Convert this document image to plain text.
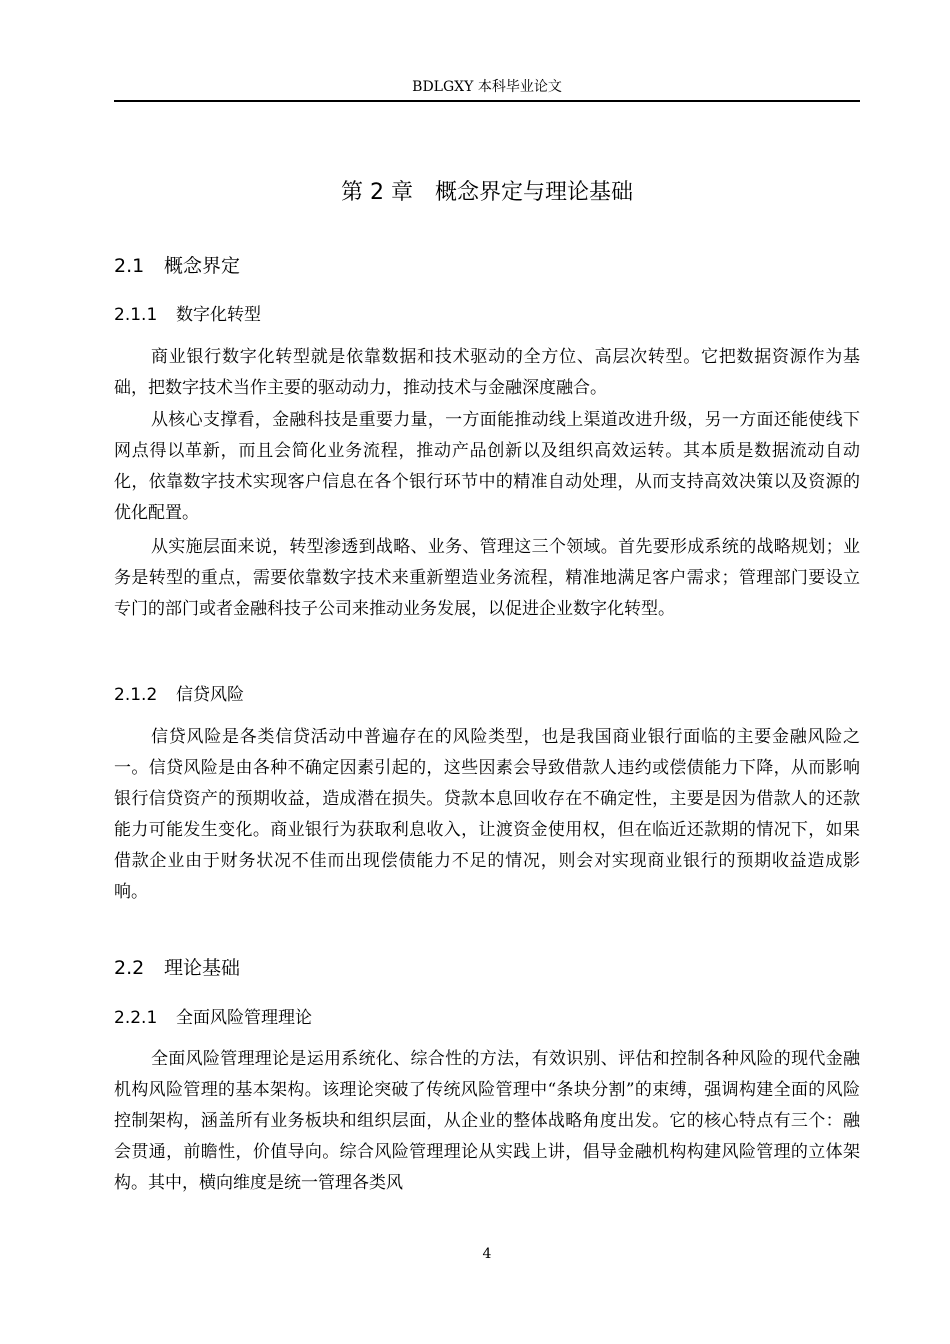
BDLGXY 本科毕业论文
第 2 章　概念界定与理论基础
2.1 概念界定
2.1.1 数字化转型

商业银行数字化转型就是依靠数据和技术驱动的全方位、高层次转型。它把数据资源作为基础，把数字技术当作主要的驱动动力，推动技术与金融深度融合。

从核心支撑看，金融科技是重要力量，一方面能推动线上渠道改进升级，另一方面还能使线下网点得以革新，而且会简化业务流程，推动产品创新以及组织高效运转。其本质是数据流动自动化，依靠数字技术实现客户信息在各个银行环节中的精准自动处理，从而支持高效决策以及资源的优化配置。

从实施层面来说，转型渗透到战略、业务、管理这三个领域。首先要形成系统的战略规划；业务是转型的重点，需要依靠数字技术来重新塑造业务流程，精准地满足客户需求；管理部门要设立专门的部门或者金融科技子公司来推动业务发展，以促进企业数字化转型。

2.1.2 信贷风险

信贷风险是各类信贷活动中普遍存在的风险类型，也是我国商业银行面临的主要金融风险之一。信贷风险是由各种不确定因素引起的，这些因素会导致借款人违约或偿债能力下降，从而影响银行信贷资产的预期收益，造成潜在损失。贷款本息回收存在不确定性，主要是因为借款人的还款能力可能发生变化。商业银行为获取利息收入，让渡资金使用权，但在临近还款期的情况下，如果借款企业由于财务状况不佳而出现偿债能力不足的情况，则会对实现商业银行的预期收益造成影响。

2.2 理论基础
2.2.1 全面风险管理理论

全面风险管理理论是运用系统化、综合性的方法，有效识别、评估和控制各种风险的现代金融机构风险管理的基本架构。该理论突破了传统风险管理中“条块分割”的束缚，强调构建全面的风险控制架构，涵盖所有业务板块和组织层面，从企业的整体战略角度出发。它的核心特点有三个：融会贯通，前瞻性，价值导向。综合风险管理理论从实践上讲，倡导金融机构构建风险管理的立体架构。其中，横向维度是统一管理各类风

4
